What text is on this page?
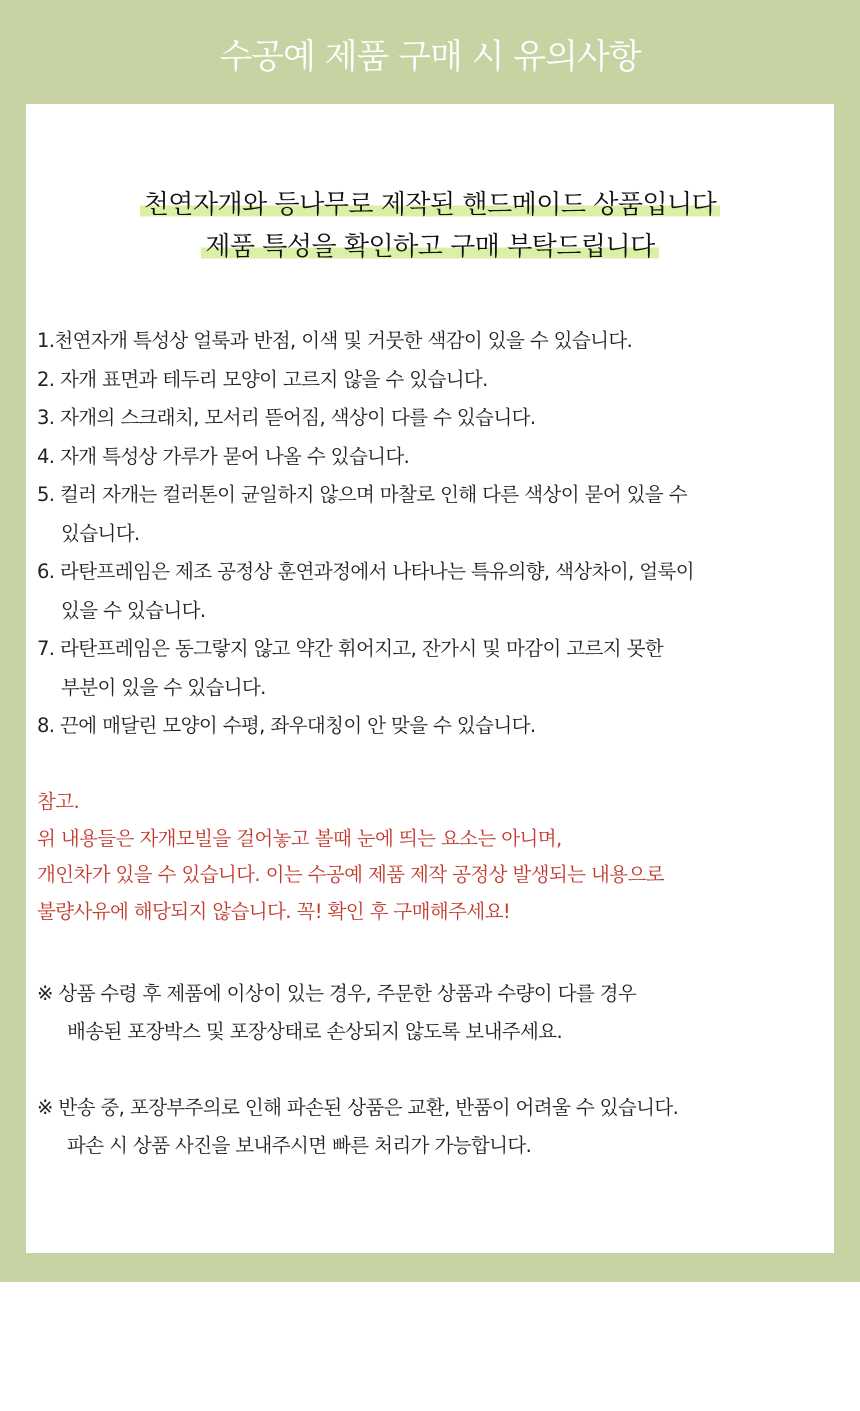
수공예 제품 구매 시 유의사항
천연자개와 등나무로 제작된 핸드메이드 상품입니다
제품 특성을 확인하고 구매 부탁드립니다
1.천연자개 특성상 얼룩과 반점, 이색 및 거뭇한 색감이 있을 수 있습니다.
2. 자개 표면과 테두리 모양이 고르지 않을 수 있습니다.
3. 자개의 스크래치, 모서리 뜯어짐, 색상이 다를 수 있습니다.
4. 자개 특성상 가루가 묻어 나올 수 있습니다.
5. 컬러 자개는 컬러톤이 균일하지 않으며 마찰로 인해 다른 색상이 묻어 있을 수
있습니다.
6. 라탄프레임은 제조 공정상 훈연과정에서 나타나는 특유의향, 색상차이, 얼룩이
있을 수 있습니다.
7. 라탄프레임은 동그랗지 않고 약간 휘어지고, 잔가시 및 마감이 고르지 못한
부분이 있을 수 있습니다.
8. 끈에 매달린 모양이 수평, 좌우대칭이 안 맞을 수 있습니다.
참고.
위 내용들은 자개모빌을 걸어놓고 볼때 눈에 띄는 요소는 아니며,
개인차가 있을 수 있습니다. 이는 수공예 제품 제작 공정상 발생되는 내용으로
불량사유에 해당되지 않습니다. 꼭! 확인 후 구매해주세요!
※ 상품 수령 후 제품에 이상이 있는 경우, 주문한 상품과 수량이 다를 경우
배송된 포장박스 및 포장상태로 손상되지 않도록 보내주세요.
※ 반송 중, 포장부주의로 인해 파손된 상품은 교환, 반품이 어려울 수 있습니다.
파손 시 상품 사진을 보내주시면 빠른 처리가 가능합니다.
